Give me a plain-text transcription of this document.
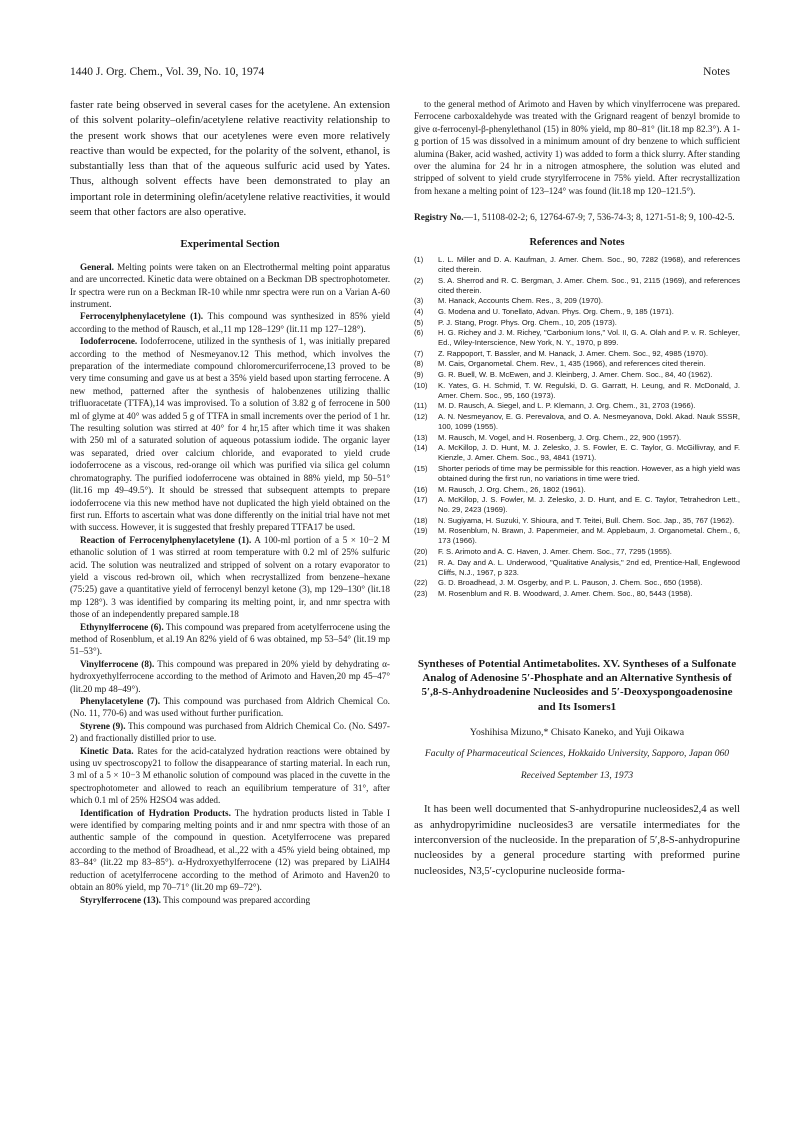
1440 J. Org. Chem., Vol. 39, No. 10, 1974	Notes

faster rate being observed in several cases for the acetylene. An extension of this solvent polarity–olefin/acetylene relative reactivity relationship to the present work shows that our acetylenes were even more relatively reactive than would be expected, for the polarity of the solvent, ethanol, is substantially less than that of the aqueous sulfuric acid used by Yates. Thus, although solvent effects have been demonstrated to play an important role in determining olefin/acetylene relative reactivities, it would seem that other factors are also operative.

Experimental Section

General. Melting points were taken on an Electrothermal melting point apparatus and are uncorrected. Kinetic data were obtained on a Beckman DB spectrophotometer. Ir spectra were run on a Beckman IR-10 while nmr spectra were run on a Varian A-60 instrument.

Ferrocenylphenylacetylene (1). This compound was synthesized in 85% yield according to the method of Rausch, et al.,11 mp 128–129° (lit.11 mp 127–128°).

Iodoferrocene. Iodoferrocene, utilized in the synthesis of 1, was initially prepared according to the method of Nesmeyanov.12 This method, which involves the preparation of the intermediate compound chloromercuriferrocene,13 proved to be very time consuming and gave us at best a 35% yield based upon starting ferrocene. A new method, patterned after the synthesis of halobenzenes utilizing thallic trifluoracetate (TTFA),14 was improvised. To a solution of 3.82 g of ferrocene in 500 ml of glyme at 40° was added 5 g of TTFA in small increments over the period of 1 hr. The resulting solution was stirred at 40° for 4 hr,15 after which time it was shaken with 250 ml of a saturated solution of aqueous potassium iodide. The organic layer was separated, dried over calcium chloride, and evaporated to yield crude iodoferrocene as a viscous, red-orange oil which was purified via silica gel column chromatography. The purified iodoferrocene was obtained in 88% yield, mp 50–51° (lit.16 mp 49–49.5°). It should be stressed that subsequent attempts to prepare iodoferrocene via this new method have not duplicated the high yield obtained on the first run. Efforts to ascertain what was done differently on the initial trial have not met with success. However, it is suggested that freshly prepared TTFA17 be used.

Reaction of Ferrocenylphenylacetylene (1). A 100-ml portion of a 5 × 10−2 M ethanolic solution of 1 was stirred at room temperature with 0.2 ml of 25% sulfuric acid. The solution was neutralized and stripped of solvent on a rotary evaporator to yield a viscous red-brown oil, which when recrystallized from benzene–hexane (75:25) gave a quantitative yield of ferrocenyl benzyl ketone (3), mp 129–130° (lit.18 mp 128°). 3 was identified by comparing its melting point, ir, and nmr spectra with those of an independently prepared sample.18

Ethynylferrocene (6). This compound was prepared from acetylferrocene using the method of Rosenblum, et al.19 An 82% yield of 6 was obtained, mp 53–54° (lit.19 mp 51–53°).

Vinylferrocene (8). This compound was prepared in 20% yield by dehydrating α-hydroxyethylferrocene according to the method of Arimoto and Haven,20 mp 45–47° (lit.20 mp 48–49°).

Phenylacetylene (7). This compound was purchased from Aldrich Chemical Co. (No. 11, 770-6) and was used without further purification.

Styrene (9). This compound was purchased from Aldrich Chemical Co. (No. S497-2) and fractionally distilled prior to use.

Kinetic Data. Rates for the acid-catalyzed hydration reactions were obtained by using uv spectroscopy21 to follow the disappearance of starting material. In each run, 3 ml of a 5 × 10−3 M ethanolic solution of compound was placed in the cuvette in the spectrophotometer and allowed to reach an equilibrium temperature of 31°, after which 0.1 ml of 25% H2SO4 was added.

Identification of Hydration Products. The hydration products listed in Table I were identified by comparing melting points and ir and nmr spectra with those of an authentic sample of the compound in question. Acetylferrocene was prepared according to the method of Broadhead, et al.,22 with a 45% yield being obtained, mp 83–84° (lit.22 mp 83–85°). α-Hydroxyethylferrocene (12) was prepared by LiAlH4 reduction of acetylferrocene according to the method of Arimoto and Haven20 to obtain an 80% yield, mp 70–71° (lit.20 mp 69–72°).

Styrylferrocene (13). This compound was prepared according

to the general method of Arimoto and Haven by which vinylferrocene was prepared. Ferrocene carboxaldehyde was treated with the Grignard reagent of benzyl bromide to give α-ferrocenyl-β-phenylethanol (15) in 80% yield, mp 80–81° (lit.18 mp 82.3°). A 1-g portion of 15 was dissolved in a minimum amount of dry benzene to which sufficient alumina (Baker, acid washed, activity 1) was added to form a thick slurry. After standing over the alumina for 24 hr in a nitrogen atmosphere, the solution was eluted and stripped of solvent to yield crude styrylferrocene in 75% yield. After recrystallization from hexane a melting point of 123–124° was found (lit.18 mp 120–121.5°).

Registry No.—1, 51108-02-2; 6, 12764-67-9; 7, 536-74-3; 8, 1271-51-8; 9, 100-42-5.

References and Notes
(1)	L. L. Miller and D. A. Kaufman, J. Amer. Chem. Soc., 90, 7282 (1968), and references cited therein.
(2)	S. A. Sherrod and R. C. Bergman, J. Amer. Chem. Soc., 91, 2115 (1969), and references cited therein.
(3)	M. Hanack, Accounts Chem. Res., 3, 209 (1970).
(4)	G. Modena and U. Tonellato, Advan. Phys. Org. Chem., 9, 185 (1971).
(5)	P. J. Stang, Progr. Phys. Org. Chem., 10, 205 (1973).
(6)	H. G. Richey and J. M. Richey, "Carbonium Ions," Vol. II, G. A. Olah and P. v. R. Schleyer, Ed., Wiley-Interscience, New York, N. Y., 1970, p 899.
(7)	Z. Rappoport, T. Bassler, and M. Hanack, J. Amer. Chem. Soc., 92, 4985 (1970).
(8)	M. Cais, Organometal. Chem. Rev., 1, 435 (1966), and references cited therein.
(9)	G. R. Buell, W. B. McEwen, and J. Kleinberg, J. Amer. Chem. Soc., 84, 40 (1962).
(10)	K. Yates, G. H. Schmid, T. W. Regulski, D. G. Garratt, H. Leung, and R. McDonald, J. Amer. Chem. Soc., 95, 160 (1973).
(11)	M. D. Rausch, A. Siegel, and L. P. Klemann, J. Org. Chem., 31, 2703 (1966).
(12)	A. N. Nesmeyanov, E. G. Perevalova, and O. A. Nesmeyanova, Dokl. Akad. Nauk SSSR, 100, 1099 (1955).
(13)	M. Rausch, M. Vogel, and H. Rosenberg, J. Org. Chem., 22, 900 (1957).
(14)	A. McKillop, J. D. Hunt, M. J. Zelesko, J. S. Fowler, E. C. Taylor, G. McGillivray, and F. Kienzle, J. Amer. Chem. Soc., 93, 4841 (1971).
(15)	Shorter periods of time may be permissible for this reaction. However, as a high yield was obtained during the first run, no variations in time were tried.
(16)	M. Rausch, J. Org. Chem., 26, 1802 (1961).
(17)	A. McKillop, J. S. Fowler, M. J. Zelesko, J. D. Hunt, and E. C. Taylor, Tetrahedron Lett., No. 29, 2423 (1969).
(18)	N. Sugiyama, H. Suzuki, Y. Shioura, and T. Teitei, Bull. Chem. Soc. Jap., 35, 767 (1962).
(19)	M. Rosenblum, N. Brawn, J. Papenmeier, and M. Applebaum, J. Organometal. Chem., 6, 173 (1966).
(20)	F. S. Arimoto and A. C. Haven, J. Amer. Chem. Soc., 77, 7295 (1955).
(21)	R. A. Day and A. L. Underwood, "Qualitative Analysis," 2nd ed, Prentice-Hall, Englewood Cliffs, N.J., 1967, p 323.
(22)	G. D. Broadhead, J. M. Osgerby, and P. L. Pauson, J. Chem. Soc., 650 (1958).
(23)	M. Rosenblum and R. B. Woodward, J. Amer. Chem. Soc., 80, 5443 (1958).
Syntheses of Potential Antimetabolites. XV. Syntheses of a Sulfonate Analog of Adenosine 5′-Phosphate and an Alternative Synthesis of 5′,8-S-Anhydroadenine Nucleosides and 5′-Deoxyspongoadenosine and Its Isomers1
Yoshihisa Mizuno,* Chisato Kaneko, and Yuji Oikawa
Faculty of Pharmaceutical Sciences, Hokkaido University, Sapporo, Japan 060
Received September 13, 1973

It has been well documented that S-anhydropurine nucleosides2,4 as well as anhydropyrimidine nucleosides3 are versatile intermediates for the interconversion of the nucleoside. In the preparation of 5′,8-S-anhydropurine nucleosides by a general procedure starting with preformed purine nucleosides, N3,5′-cyclopurine nucleoside forma-
